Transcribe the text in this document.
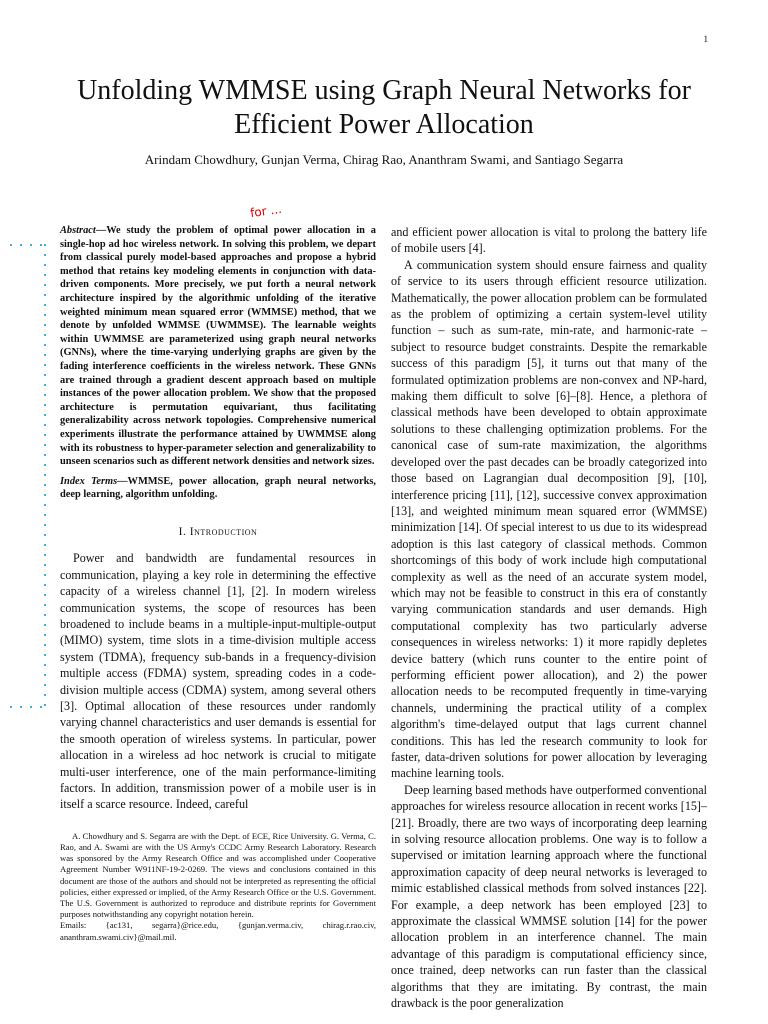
1
Unfolding WMMSE using Graph Neural Networks for Efficient Power Allocation
Arindam Chowdhury, Gunjan Verma, Chirag Rao, Ananthram Swami, and Santiago Segarra
for ...
Abstract—We study the problem of optimal power allocation in a single-hop ad hoc wireless network. In solving this problem, we depart from classical purely model-based approaches and propose a hybrid method that retains key modeling elements in conjunction with data-driven components. More precisely, we put forth a neural network architecture inspired by the algorithmic unfolding of the iterative weighted minimum mean squared error (WMMSE) method, that we denote by unfolded WMMSE (UWMMSE). The learnable weights within UWMMSE are parameterized using graph neural networks (GNNs), where the time-varying underlying graphs are given by the fading interference coefficients in the wireless network. These GNNs are trained through a gradient descent approach based on multiple instances of the power allocation problem. We show that the proposed architecture is permutation equivariant, thus facilitating generalizability across network topologies. Comprehensive numerical experiments illustrate the performance attained by UWMMSE along with its robustness to hyper-parameter selection and generalizability to unseen scenarios such as different network densities and network sizes.
Index Terms—WMMSE, power allocation, graph neural networks, deep learning, algorithm unfolding.
I. Introduction

Power and bandwidth are fundamental resources in communication, playing a key role in determining the effective capacity of a wireless channel [1], [2]. In modern wireless communication systems, the scope of resources has been broadened to include beams in a multiple-input-multiple-output (MIMO) system, time slots in a time-division multiple access system (TDMA), frequency sub-bands in a frequency-division multiple access (FDMA) system, spreading codes in a code-division multiple access (CDMA) system, among several others [3]. Optimal allocation of these resources under randomly varying channel characteristics and user demands is essential for the smooth operation of wireless systems. In particular, power allocation in a wireless ad hoc network is crucial to mitigate multi-user interference, one of the main performance-limiting factors. In addition, transmission power of a mobile user is in itself a scarce resource. Indeed, careful

A. Chowdhury and S. Segarra are with the Dept. of ECE, Rice University. G. Verma, C. Rao, and A. Swami are with the US Army's CCDC Army Research Laboratory. Research was sponsored by the Army Research Office and was accomplished under Cooperative Agreement Number W911NF-19-2-0269. The views and conclusions contained in this document are those of the authors and should not be interpreted as representing the official policies, either expressed or implied, of the Army Research Office or the U.S. Government. The U.S. Government is authorized to reproduce and distribute reprints for Government purposes notwithstanding any copyright notation herein.

Emails: {ac131, segarra}@rice.edu, {gunjan.verma.civ, chirag.r.rao.civ, ananthram.swami.civ}@mail.mil.

and efficient power allocation is vital to prolong the battery life of mobile users [4].

A communication system should ensure fairness and quality of service to its users through efficient resource utilization. Mathematically, the power allocation problem can be formulated as the problem of optimizing a certain system-level utility function – such as sum-rate, min-rate, and harmonic-rate – subject to resource budget constraints. Despite the remarkable success of this paradigm [5], it turns out that many of the formulated optimization problems are non-convex and NP-hard, making them difficult to solve [6]–[8]. Hence, a plethora of classical methods have been developed to obtain approximate solutions to these challenging optimization problems. For the canonical case of sum-rate maximization, the algorithms developed over the past decades can be broadly categorized into those based on Lagrangian dual decomposition [9], [10], interference pricing [11], [12], successive convex approximation [13], and weighted minimum mean squared error (WMMSE) minimization [14]. Of special interest to us due to its widespread adoption is this last category of classical methods. Common shortcomings of this body of work include high computational complexity as well as the need of an accurate system model, which may not be feasible to construct in this era of constantly varying communication standards and user demands. High computational complexity has two particularly adverse consequences in wireless networks: 1) it more rapidly depletes device battery (which runs counter to the entire point of performing efficient power allocation), and 2) the power allocation needs to be recomputed frequently in time-varying channels, undermining the practical utility of a complex algorithm's time-delayed output that lags current channel conditions. This has led the research community to look for faster, data-driven solutions for power allocation by leveraging machine learning tools.

Deep learning based methods have outperformed conventional approaches for wireless resource allocation in recent works [15]–[21]. Broadly, there are two ways of incorporating deep learning in solving resource allocation problems. One way is to follow a supervised or imitation learning approach where the functional approximation capacity of deep neural networks is leveraged to mimic established classical methods from solved instances [22]. For example, a deep network has been employed [23] to approximate the classical WMMSE solution [14] for the power allocation problem in an interference channel. The main advantage of this paradigm is computational efficiency since, once trained, deep networks can run faster than the classical algorithms that they are imitating. By contrast, the main drawback is the poor generalization
